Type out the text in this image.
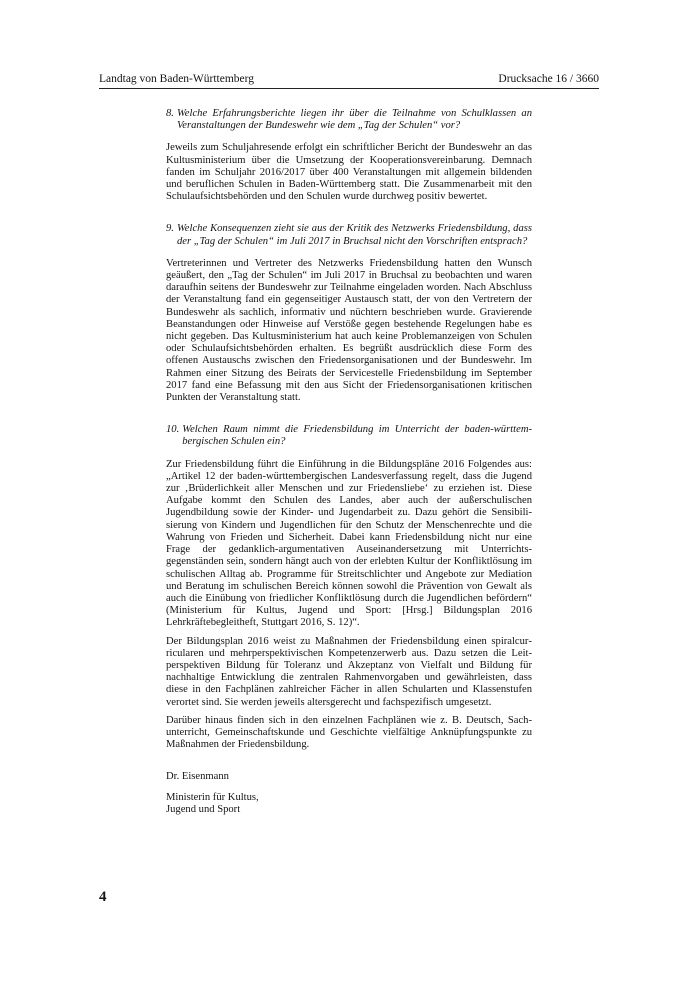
Landtag von Baden-Württemberg	Drucksache 16 / 3660
8. Welche Erfahrungsberichte liegen ihr über die Teilnahme von Schulklassen an Veranstaltungen der Bundeswehr wie dem „Tag der Schulen“ vor?

Jeweils zum Schuljahresende erfolgt ein schriftlicher Bericht der Bundeswehr an das Kultusministerium über die Umsetzung der Kooperationsvereinbarung. Demnach fanden im Schuljahr 2016/2017 über 400 Veranstaltungen mit allgemein bildenden und beruflichen Schulen in Baden-Württemberg statt. Die Zusammenarbeit mit den Schulaufsichtsbehörden und den Schulen wurde durchweg positiv bewertet.

9. Welche Konsequenzen zieht sie aus der Kritik des Netzwerks Friedensbildung, dass der „Tag der Schulen“ im Juli 2017 in Bruchsal nicht den Vorschriften entsprach?

Vertreterinnen und Vertreter des Netzwerks Friedensbildung hatten den Wunsch geäußert, den „Tag der Schulen“ im Juli 2017 in Bruchsal zu beobachten und waren daraufhin seitens der Bundeswehr zur Teilnahme eingeladen worden. Nach Abschluss der Veranstaltung fand ein gegenseitiger Austausch statt, der von den Vertretern der Bundeswehr als sachlich, informativ und nüchtern beschrieben wurde. Gravierende Beanstandungen oder Hinweise auf Verstöße gegen bestehende Regelungen habe es nicht gegeben. Das Kultusministerium hat auch keine Problemanzeigen von Schulen oder Schulaufsichtsbehörden erhalten. Es begrüßt ausdrücklich diese Form des offenen Austauschs zwischen den Friedensorganisationen und der Bundeswehr. Im Rahmen einer Sitzung des Beirats der Servicestelle Friedensbildung im September 2017 fand eine Befassung mit den aus Sicht der Friedensorganisationen kritischen Punkten der Veranstaltung statt.

10. Welchen Raum nimmt die Friedensbildung im Unterricht der baden-württembergischen Schulen ein?

Zur Friedensbildung führt die Einführung in die Bildungspläne 2016 Folgendes aus: „Artikel 12 der baden-württembergischen Landesverfassung regelt, dass die Jugend zur ‚Brüderlichkeit aller Menschen und zur Friedensliebe‘ zu erziehen ist. Diese Aufgabe kommt den Schulen des Landes, aber auch der außerschulischen Jugendbildung sowie der Kinder- und Jugendarbeit zu. Dazu gehört die Sensibilisierung von Kindern und Jugendlichen für den Schutz der Menschenrechte und die Wahrung von Frieden und Sicherheit. Dabei kann Friedensbildung nicht nur eine Frage der gedanklich-argumentativen Auseinandersetzung mit Unterrichtsgegenständen sein, sondern hängt auch von der erlebten Kultur der Konfliktlösung im schulischen Alltag ab. Programme für Streitschlichter und Angebote zur Mediation und Beratung im schulischen Bereich können sowohl die Prävention von Gewalt als auch die Einübung von friedlicher Konfliktlösung durch die Jugendlichen befördern“ (Ministerium für Kultus, Jugend und Sport: [Hrsg.] Bildungsplan 2016 Lehrkräftebegleitheft, Stuttgart 2016, S. 12)“.

Der Bildungsplan 2016 weist zu Maßnahmen der Friedensbildung einen spiralcurricularen und mehrperspektivischen Kompetenzerwerb aus. Dazu setzen die Leitperspektiven Bildung für Toleranz und Akzeptanz von Vielfalt und Bildung für nachhaltige Entwicklung die zentralen Rahmenvorgaben und gewährleisten, dass diese in den Fachplänen zahlreicher Fächer in allen Schularten und Klassenstufen verortet sind. Sie werden jeweils altersgerecht und fachspezifisch umgesetzt.

Darüber hinaus finden sich in den einzelnen Fachplänen wie z. B. Deutsch, Sachunterricht, Gemeinschaftskunde und Geschichte vielfältige Anknüpfungspunkte zu Maßnahmen der Friedensbildung.

Dr. Eisenmann

Ministerin für Kultus,

Jugend und Sport

4
